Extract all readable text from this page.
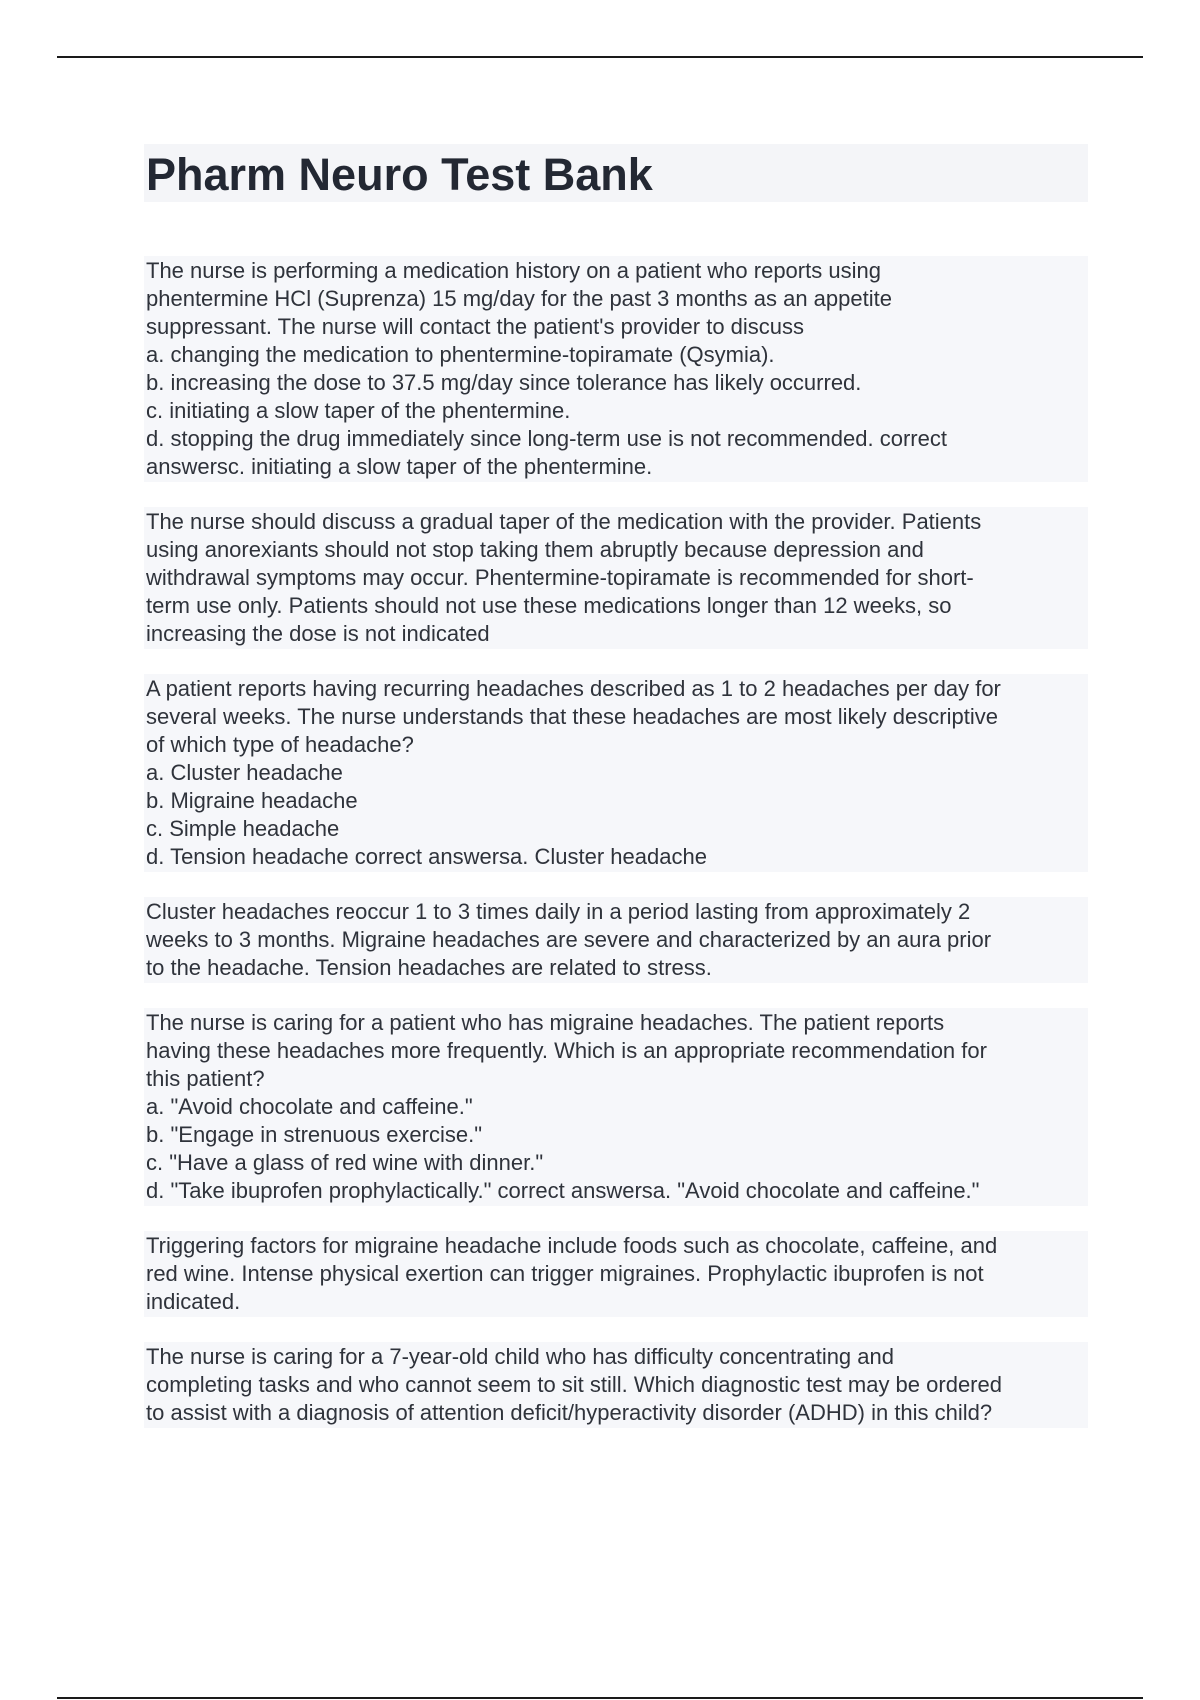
Pharm Neuro Test Bank
The nurse is performing a medication history on a patient who reports using
phentermine HCl (Suprenza) 15 mg/day for the past 3 months as an appetite
suppressant. The nurse will contact the patient's provider to discuss
a. changing the medication to phentermine-topiramate (Qsymia).
b. increasing the dose to 37.5 mg/day since tolerance has likely occurred.
c. initiating a slow taper of the phentermine.
d. stopping the drug immediately since long-term use is not recommended. correct
answersc. initiating a slow taper of the phentermine.
The nurse should discuss a gradual taper of the medication with the provider. Patients
using anorexiants should not stop taking them abruptly because depression and
withdrawal symptoms may occur. Phentermine-topiramate is recommended for short-
term use only. Patients should not use these medications longer than 12 weeks, so
increasing the dose is not indicated
A patient reports having recurring headaches described as 1 to 2 headaches per day for
several weeks. The nurse understands that these headaches are most likely descriptive
of which type of headache?
a. Cluster headache
b. Migraine headache
c. Simple headache
d. Tension headache correct answersa. Cluster headache
Cluster headaches reoccur 1 to 3 times daily in a period lasting from approximately 2
weeks to 3 months. Migraine headaches are severe and characterized by an aura prior
to the headache. Tension headaches are related to stress.
The nurse is caring for a patient who has migraine headaches. The patient reports
having these headaches more frequently. Which is an appropriate recommendation for
this patient?
a. "Avoid chocolate and caffeine."
b. "Engage in strenuous exercise."
c. "Have a glass of red wine with dinner."
d. "Take ibuprofen prophylactically." correct answersa. "Avoid chocolate and caffeine."
Triggering factors for migraine headache include foods such as chocolate, caffeine, and
red wine. Intense physical exertion can trigger migraines. Prophylactic ibuprofen is not
indicated.
The nurse is caring for a 7-year-old child who has difficulty concentrating and
completing tasks and who cannot seem to sit still. Which diagnostic test may be ordered
to assist with a diagnosis of attention deficit/hyperactivity disorder (ADHD) in this child?
